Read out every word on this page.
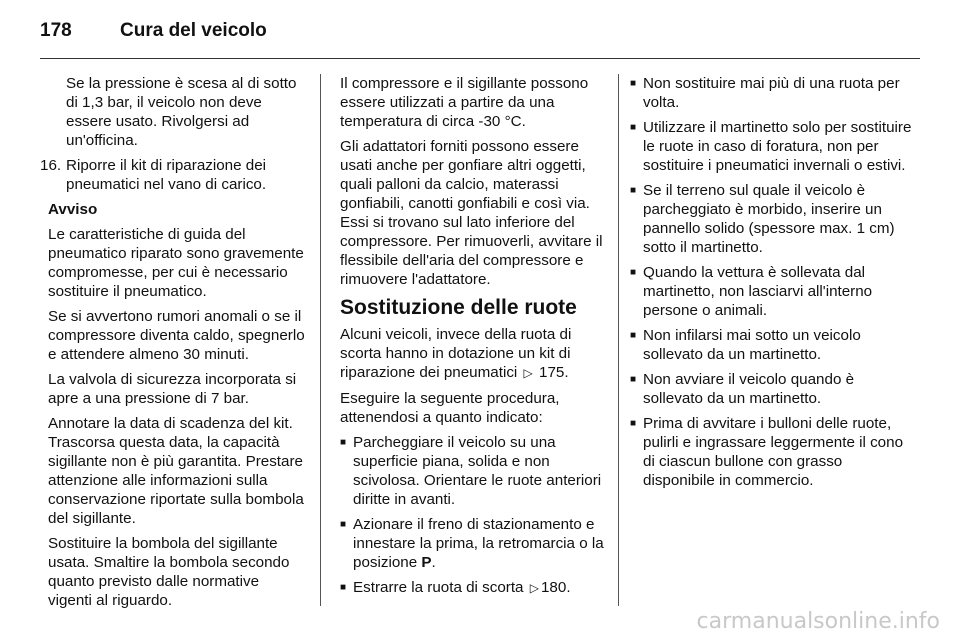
178	Cura del veicolo

Se la pressione è scesa al di sotto di 1,3 bar, il veicolo non deve essere usato. Rivolgersi ad un'officina.

16. Riporre il kit di riparazione dei pneumatici nel vano di carico.

Avviso

Le caratteristiche di guida del pneumatico riparato sono gravemente compromesse, per cui è necessario sostituire il pneumatico.

Se si avvertono rumori anomali o se il compressore diventa caldo, spegnerlo e attendere almeno 30 minuti.

La valvola di sicurezza incorporata si apre a una pressione di 7 bar.

Annotare la data di scadenza del kit. Trascorsa questa data, la capacità sigillante non è più garantita. Prestare attenzione alle informazioni sulla conservazione riportate sulla bombola del sigillante.

Sostituire la bombola del sigillante usata. Smaltire la bombola secondo quanto previsto dalle normative vigenti al riguardo.

Il compressore e il sigillante possono essere utilizzati a partire da una temperatura di circa -30 °C.

Gli adattatori forniti possono essere usati anche per gonfiare altri oggetti, quali palloni da calcio, materassi gonfiabili, canotti gonfiabili e così via. Essi si trovano sul lato inferiore del compressore. Per rimuoverli, avvitare il flessibile dell'aria del compressore e rimuovere l'adattatore.

Sostituzione delle ruote

Alcuni veicoli, invece della ruota di scorta hanno in dotazione un kit di riparazione dei pneumatici ▷ 175.

Eseguire la seguente procedura, attenendosi a quanto indicato:

■ Parcheggiare il veicolo su una superficie piana, solida e non scivolosa. Orientare le ruote anteriori diritte in avanti.
■ Azionare il freno di stazionamento e innestare la prima, la retromarcia o la posizione P.
■ Estrarre la ruota di scorta ▷ 180.
■ Non sostituire mai più di una ruota per volta.
■ Utilizzare il martinetto solo per sostituire le ruote in caso di foratura, non per sostituire i pneumatici invernali o estivi.
■ Se il terreno sul quale il veicolo è parcheggiato è morbido, inserire un pannello solido (spessore max. 1 cm) sotto il martinetto.
■ Quando la vettura è sollevata dal martinetto, non lasciarvi all'interno persone o animali.
■ Non infilarsi mai sotto un veicolo sollevato da un martinetto.
■ Non avviare il veicolo quando è sollevato da un martinetto.
■ Prima di avvitare i bulloni delle ruote, pulirli e ingrassare leggermente il cono di ciascun bullone con grasso disponibile in commercio.
carmanualsonline.info
